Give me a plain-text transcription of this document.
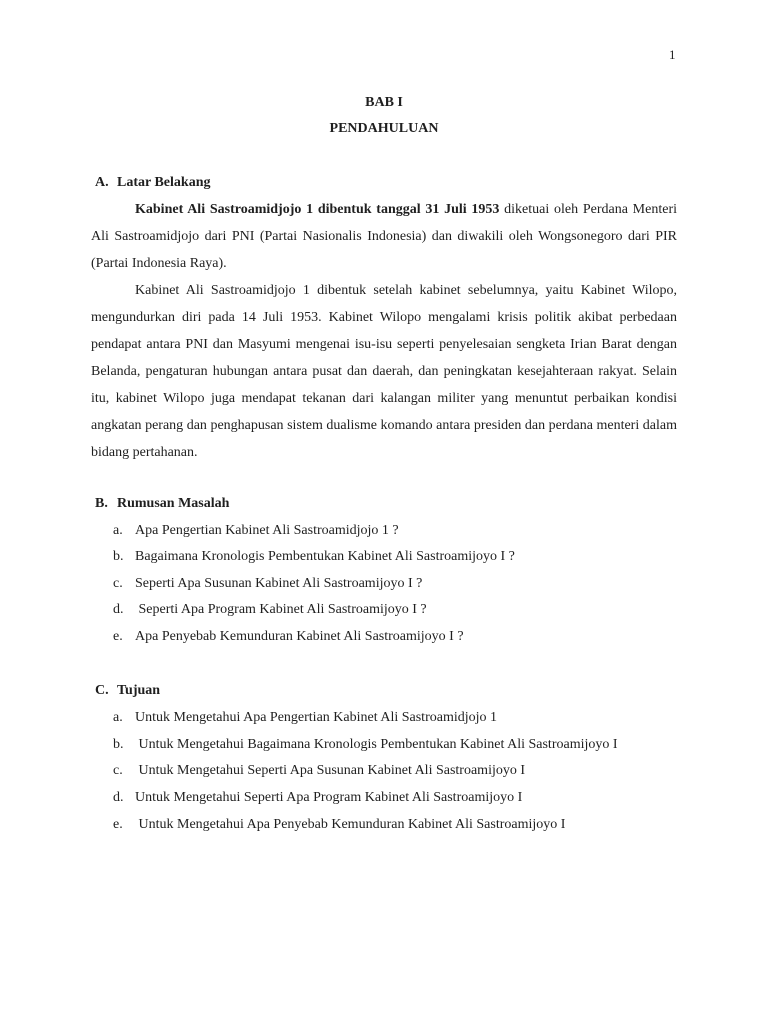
1
BAB I
PENDAHULUAN
A. Latar Belakang

Kabinet Ali Sastroamidjojo 1 dibentuk tanggal 31 Juli 1953 diketuai oleh Perdana Menteri Ali Sastroamidjojo dari PNI (Partai Nasionalis Indonesia) dan diwakili oleh Wongsonegoro dari PIR (Partai Indonesia Raya).

Kabinet Ali Sastroamidjojo 1 dibentuk setelah kabinet sebelumnya, yaitu Kabinet Wilopo, mengundurkan diri pada 14 Juli 1953. Kabinet Wilopo mengalami krisis politik akibat perbedaan pendapat antara PNI dan Masyumi mengenai isu-isu seperti penyelesaian sengketa Irian Barat dengan Belanda, pengaturan hubungan antara pusat dan daerah, dan peningkatan kesejahteraan rakyat. Selain itu, kabinet Wilopo juga mendapat tekanan dari kalangan militer yang menuntut perbaikan kondisi angkatan perang dan penghapusan sistem dualisme komando antara presiden dan perdana menteri dalam bidang pertahanan.

B. Rumusan Masalah
a. Apa Pengertian Kabinet Ali Sastroamidjojo 1 ?
b. Bagaimana Kronologis Pembentukan Kabinet Ali Sastroamijoyo I ?
c. Seperti Apa Susunan Kabinet Ali Sastroamijoyo I ?
d. Seperti Apa Program Kabinet Ali Sastroamijoyo I ?
e. Apa Penyebab Kemunduran Kabinet Ali Sastroamijoyo I ?
C. Tujuan
a. Untuk Mengetahui Apa Pengertian Kabinet Ali Sastroamidjojo 1
b. Untuk Mengetahui Bagaimana Kronologis Pembentukan Kabinet Ali Sastroamijoyo I
c. Untuk Mengetahui Seperti Apa Susunan Kabinet Ali Sastroamijoyo I
d. Untuk Mengetahui Seperti Apa Program Kabinet Ali Sastroamijoyo I
e. Untuk Mengetahui Apa Penyebab Kemunduran Kabinet Ali Sastroamijoyo I
